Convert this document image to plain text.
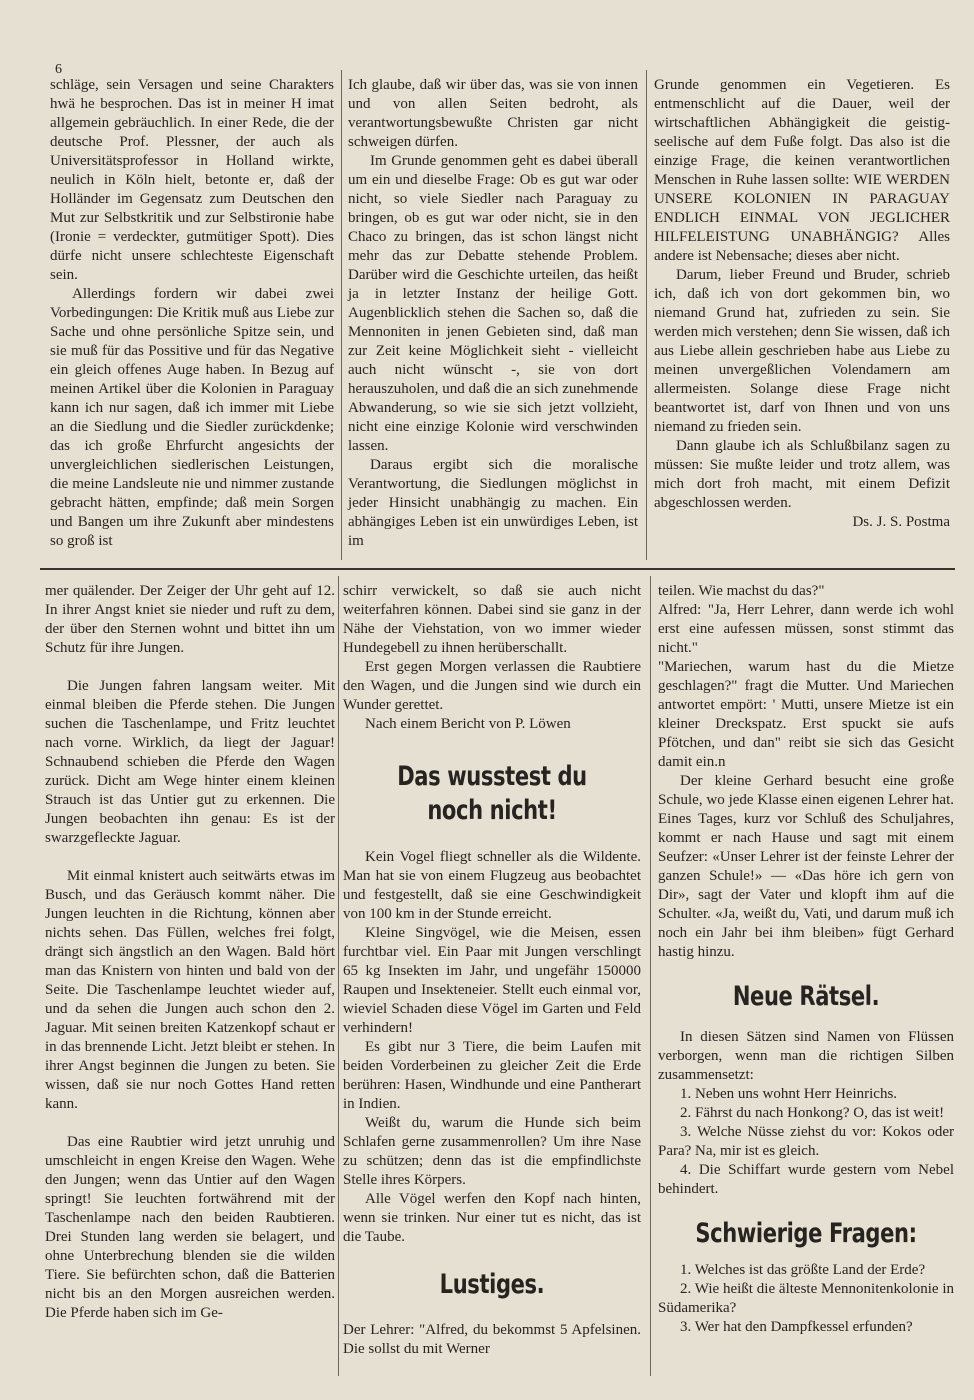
6

schläge, sein Versagen und seine Charakters hwä he besprochen. Das ist in meiner H imat allgemein gebräuchlich. In einer Rede, die der deutsche Prof. Plessner, der auch als Universitätsprofessor in Holland wirkte, neulich in Köln hielt, betonte er, daß der Holländer im Gegensatz zum Deutschen den Mut zur Selbstkritik und zur Selbstironie habe (Ironie = verdeckter, gutmütiger Spott). Dies dürfe nicht unsere schlechteste Eigenschaft sein.

Allerdings fordern wir dabei zwei Vorbedingungen: Die Kritik muß aus Liebe zur Sache und ohne persönliche Spitze sein, und sie muß für das Possitive und für das Negative ein gleich offenes Auge haben. In Bezug auf meinen Artikel über die Kolonien in Paraguay kann ich nur sagen, daß ich immer mit Liebe an die Siedlung und die Siedler zurückdenke; das ich große Ehrfurcht angesichts der unvergleichlichen siedlerischen Leistungen, die meine Landsleute nie und nimmer zustande gebracht hätten, empfinde; daß mein Sorgen und Bangen um ihre Zukunft aber mindestens so groß ist

Ich glaube, daß wir über das, was sie von innen und von allen Seiten bedroht, als verantwortungsbewußte Christen gar nicht schweigen dürfen.

Im Grunde genommen geht es dabei überall um ein und dieselbe Frage: Ob es gut war oder nicht, so viele Siedler nach Paraguay zu bringen, ob es gut war oder nicht, sie in den Chaco zu bringen, das ist schon längst nicht mehr das zur Debatte stehende Problem. Darüber wird die Geschichte urteilen, das heißt ja in letzter Instanz der heilige Gott. Augenblicklich stehen die Sachen so, daß die Mennoniten in jenen Gebieten sind, daß man zur Zeit keine Möglichkeit sieht - vielleicht auch nicht wünscht -, sie von dort herauszuholen, und daß die an sich zunehmende Abwanderung, so wie sie sich jetzt vollzieht, nicht eine einzige Kolonie wird verschwinden lassen.

Daraus ergibt sich die moralische Verantwortung, die Siedlungen möglichst in jeder Hinsicht unabhängig zu machen. Ein abhängiges Leben ist ein unwürdiges Leben, ist im

Grunde genommen ein Vegetieren. Es entmenschlicht auf die Dauer, weil der wirtschaftlichen Abhängigkeit die geistig-seelische auf dem Fuße folgt. Das also ist die einzige Frage, die keinen verantwortlichen Menschen in Ruhe lassen sollte: WIE WERDEN UNSERE KOLONIEN IN PARAGUAY ENDLICH EINMAL VON JEGLICHER HILFELEISTUNG UNABHÄNGIG? Alles andere ist Nebensache; dieses aber nicht.

Darum, lieber Freund und Bruder, schrieb ich, daß ich von dort gekommen bin, wo niemand Grund hat, zufrieden zu sein. Sie werden mich verstehen; denn Sie wissen, daß ich aus Liebe allein geschrieben habe aus Liebe zu meinen unvergeßlichen Volendamern am allermeisten. Solange diese Frage nicht beantwortet ist, darf von Ihnen und von uns niemand zu frieden sein.

Dann glaube ich als Schlußbilanz sagen zu müssen: Sie mußte leider und trotz allem, was mich dort froh macht, mit einem Defizit abgeschlossen werden.

Ds. J. S. Postma

mer quälender. Der Zeiger der Uhr geht auf 12. In ihrer Angst kniet sie nieder und ruft zu dem, der über den Sternen wohnt und bittet ihn um Schutz für ihre Jungen.

Die Jungen fahren langsam weiter. Mit einmal bleiben die Pferde stehen. Die Jungen suchen die Taschenlampe, und Fritz leuchtet nach vorne. Wirklich, da liegt der Jaguar! Schnaubend schieben die Pferde den Wagen zurück. Dicht am Wege hinter einem kleinen Strauch ist das Untier gut zu erkennen. Die Jungen beobachten ihn genau: Es ist der swarzgefleckte Jaguar.

Mit einmal knistert auch seitwärts etwas im Busch, und das Geräusch kommt näher. Die Jungen leuchten in die Richtung, können aber nichts sehen. Das Füllen, welches frei folgt, drängt sich ängstlich an den Wagen. Bald hört man das Knistern von hinten und bald von der Seite. Die Taschenlampe leuchtet wieder auf, und da sehen die Jungen auch schon den 2. Jaguar. Mit seinen breiten Katzenkopf schaut er in das brennende Licht. Jetzt bleibt er stehen. In ihrer Angst beginnen die Jungen zu beten. Sie wissen, daß sie nur noch Gottes Hand retten kann.

Das eine Raubtier wird jetzt unruhig und umschleicht in engen Kreise den Wagen. Wehe den Jungen; wenn das Untier auf den Wagen springt! Sie leuchten fortwährend mit der Taschenlampe nach den beiden Raubtieren. Drei Stunden lang werden sie belagert, und ohne Unterbrechung blenden sie die wilden Tiere. Sie befürchten schon, daß die Batterien nicht bis an den Morgen ausreichen werden. Die Pferde haben sich im Ge-

schirr verwickelt, so daß sie auch nicht weiterfahren können. Dabei sind sie ganz in der Nähe der Viehstation, von wo immer wieder Hundegebell zu ihnen herüberschallt.

Erst gegen Morgen verlassen die Raubtiere den Wagen, und die Jungen sind wie durch ein Wunder gerettet.

Nach einem Bericht von P. Löwen

Das wusstest du noch nicht!

Kein Vogel fliegt schneller als die Wildente. Man hat sie von einem Flugzeug aus beobachtet und festgestellt, daß sie eine Geschwindigkeit von 100 km in der Stunde erreicht.

Kleine Singvögel, wie die Meisen, essen furchtbar viel. Ein Paar mit Jungen verschlingt 65 kg Insekten im Jahr, und ungefähr 150000 Raupen und Insekteneier. Stellt euch einmal vor, wieviel Schaden diese Vögel im Garten und Feld verhindern!

Es gibt nur 3 Tiere, die beim Laufen mit beiden Vorderbeinen zu gleicher Zeit die Erde berühren: Hasen, Windhunde und eine Pantherart in Indien.

Weißt du, warum die Hunde sich beim Schlafen gerne zusammenrollen? Um ihre Nase zu schützen; denn das ist die empfindlichste Stelle ihres Körpers.

Alle Vögel werfen den Kopf nach hinten, wenn sie trinken. Nur einer tut es nicht, das ist die Taube.

Lustiges.

Der Lehrer: "Alfred, du bekommst 5 Apfelsinen. Die sollst du mit Werner

teilen. Wie machst du das?"

Alfred: "Ja, Herr Lehrer, dann werde ich wohl erst eine aufessen müssen, sonst stimmt das nicht."

"Mariechen, warum hast du die Mietze geschlagen?" fragt die Mutter. Und Mariechen antwortet empört: ' Mutti, unsere Mietze ist ein kleiner Dreckspatz. Erst spuckt sie aufs Pfötchen, und dan" reibt sie sich das Gesicht damit ein.n

Der kleine Gerhard besucht eine große Schule, wo jede Klasse einen eigenen Lehrer hat. Eines Tages, kurz vor Schluß des Schuljahres, kommt er nach Hause und sagt mit einem Seufzer: «Unser Lehrer ist der feinste Lehrer der ganzen Schule!» — «Das höre ich gern von Dir», sagt der Vater und klopft ihm auf die Schulter. «Ja, weißt du, Vati, und darum muß ich noch ein Jahr bei ihm bleiben» fügt Gerhard hastig hinzu.

Neue Rätsel.

In diesen Sätzen sind Namen von Flüssen verborgen, wenn man die richtigen Silben zusammensetzt:

1. Neben uns wohnt Herr Heinrichs.

2. Fährst du nach Honkong? O, das ist weit!

3. Welche Nüsse ziehst du vor: Kokos oder Para? Na, mir ist es gleich.

4. Die Schiffart wurde gestern vom Nebel behindert.

Schwierige Fragen:

1. Welches ist das größte Land der Erde?

2. Wie heißt die älteste Mennonitenkolonie in Südamerika?

3. Wer hat den Dampfkessel erfunden?
